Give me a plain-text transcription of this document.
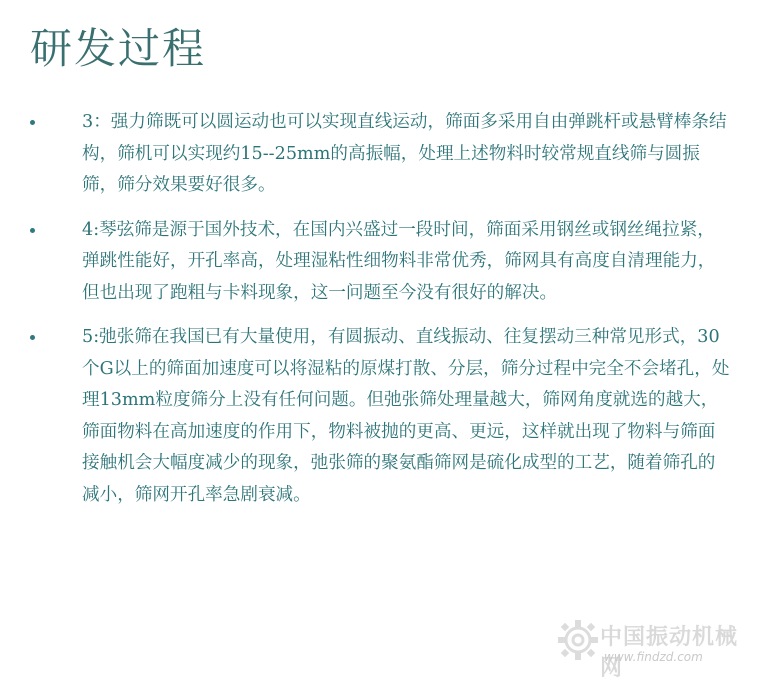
研发过程
3：强力筛既可以圆运动也可以实现直线运动，筛面多采用自由弹跳杆或悬臂棒条结构，筛机可以实现约15--25mm的高振幅，处理上述物料时较常规直线筛与圆振筛，筛分效果要好很多。
4:琴弦筛是源于国外技术，在国内兴盛过一段时间，筛面采用钢丝或钢丝绳拉紧，弹跳性能好，开孔率高，处理湿粘性细物料非常优秀，筛网具有高度自清理能力，但也出现了跑粗与卡料现象，这一问题至今没有很好的解决。
5:弛张筛在我国已有大量使用，有圆振动、直线振动、往复摆动三种常见形式，30个G以上的筛面加速度可以将湿粘的原煤打散、分层，筛分过程中完全不会堵孔，处理13mm粒度筛分上没有任何问题。但弛张筛处理量越大，筛网角度就选的越大，筛面物料在高加速度的作用下，物料被抛的更高、更远，这样就出现了物料与筛面接触机会大幅度减少的现象，弛张筛的聚氨酯筛网是硫化成型的工艺，随着筛孔的减小，筛网开孔率急剧衰减。
中国振动机械网
www.findzd.com
